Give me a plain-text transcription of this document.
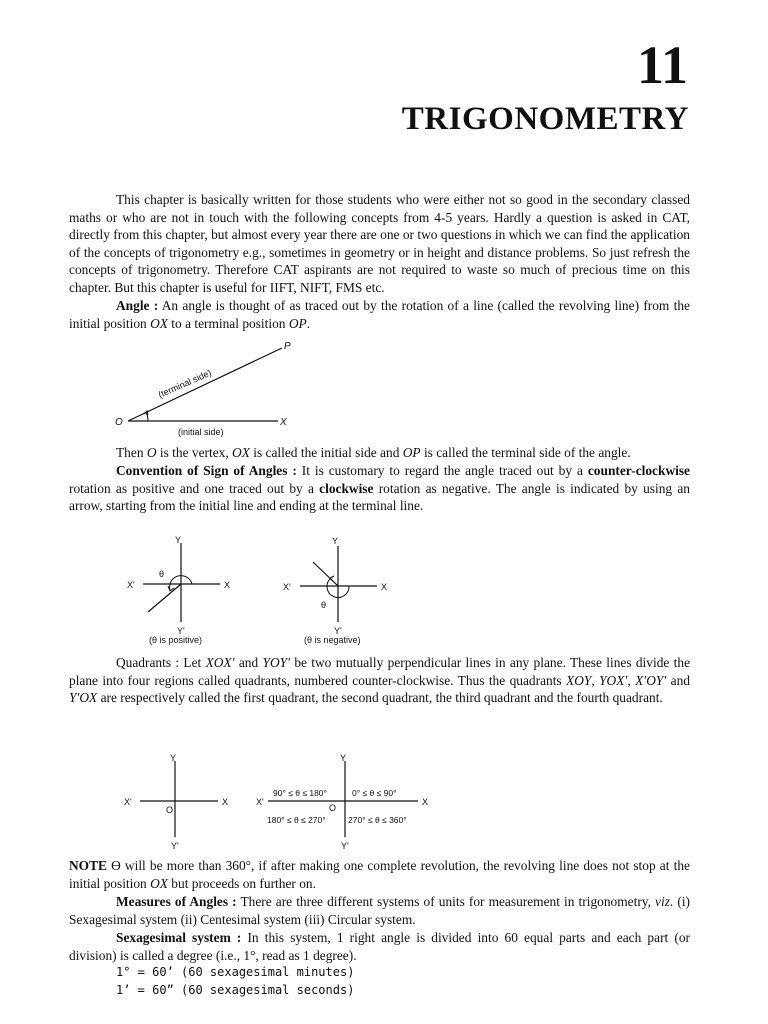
11
TRIGONOMETRY

This chapter is basically written for those students who were either not so good in the secondary classed maths or who are not in touch with the following concepts from 4-5 years. Hardly a question is asked in CAT, directly from this chapter, but almost every year there are one or two questions in which we can find the application of the concepts of trigonometry e.g., sometimes in geometry or in height and distance problems. So just refresh the concepts of trigonometry. Therefore CAT aspirants are not required to waste so much of precious time on this chapter. But this chapter is useful for IIFT, NIFT, FMS etc.

Angle : An angle is thought of as traced out by the rotation of a line (called the revolving line) from the initial position OX to a terminal position OP.

P
O	X
(terminal side)
(initial side)

Then O is the vertex, OX is called the initial side and OP is called the terminal side of the angle.

Convention of Sign of Angles : It is customary to regard the angle traced out by a counter-clockwise rotation as positive and one traced out by a clockwise rotation as negative. The angle is indicated by using an arrow, starting from the initial line and ending at the terminal line.

Y
X'	X
θ
Y'
(θ is positive)
Y
X'	X
θ
Y'
(θ is negative)

Quadrants : Let XOX′ and YOY′ be two mutually perpendicular lines in any plane. These lines divide the plane into four regions called quadrants, numbered counter-clockwise. Thus the quadrants XOY, YOX′, X′OY′ and Y′OX are respectively called the first quadrant, the second quadrant, the third quadrant and the fourth quadrant.

Y
X'	X
O
Y'
Y
X'	X
O
Y'
90° ≤ θ ≤ 180°	0° ≤ θ ≤ 90°
180° ≤ θ ≤ 270°	270° ≤ θ ≤ 360°

NOTE ϴ will be more than 360°, if after making one complete revolution, the revolving line does not stop at the initial position OX but proceeds on further on.

Measures of Angles : There are three different systems of units for measurement in trigonometry, viz. (i) Sexagesimal system (ii) Centesimal system (iii) Circular system.

Sexagesimal system : In this system, 1 right angle is divided into 60 equal parts and each part (or division) is called a degree (i.e., 1°, read as 1 degree).

1° = 60’ (60 sexagesimal minutes)
1’ = 60” (60 sexagesimal seconds)
